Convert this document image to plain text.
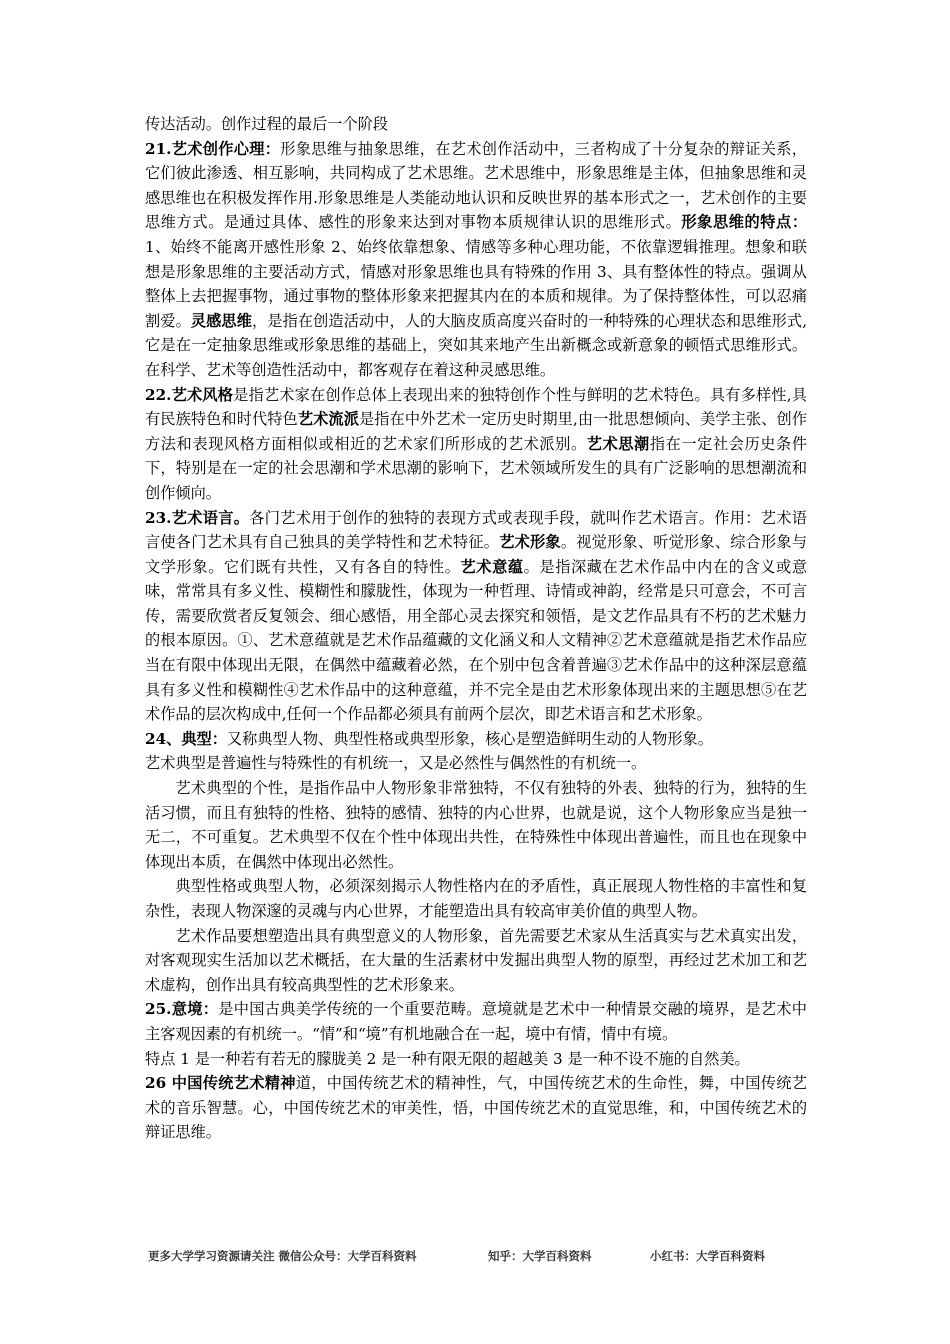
传达活动。创作过程的最后一个阶段

21.艺术创作心理：形象思维与抽象思维，在艺术创作活动中，三者构成了十分复杂的辩证关系，它们彼此渗透、相互影响，共同构成了艺术思维。艺术思维中，形象思维是主体，但抽象思维和灵感思维也在积极发挥作用.形象思维是人类能动地认识和反映世界的基本形式之一，艺术创作的主要思维方式。是通过具体、感性的形象来达到对事物本质规律认识的思维形式。形象思维的特点：1、始终不能离开感性形象 2、始终依靠想象、情感等多种心理功能，不依靠逻辑推理。想象和联想是形象思维的主要活动方式，情感对形象思维也具有特殊的作用 3、具有整体性的特点。强调从整体上去把握事物，通过事物的整体形象来把握其内在的本质和规律。为了保持整体性，可以忍痛割爱。灵感思维，是指在创造活动中，人的大脑皮质高度兴奋时的一种特殊的心理状态和思维形式,它是在一定抽象思维或形象思维的基础上，突如其来地产生出新概念或新意象的顿悟式思维形式。在科学、艺术等创造性活动中，都客观存在着这种灵感思维。

22.艺术风格是指艺术家在创作总体上表现出来的独特创作个性与鲜明的艺术特色。具有多样性,具有民族特色和时代特色艺术流派是指在中外艺术一定历史时期里,由一批思想倾向、美学主张、创作方法和表现风格方面相似或相近的艺术家们所形成的艺术派别。艺术思潮指在一定社会历史条件下，特别是在一定的社会思潮和学术思潮的影响下，艺术领域所发生的具有广泛影响的思想潮流和创作倾向。

23.艺术语言。各门艺术用于创作的独特的表现方式或表现手段，就叫作艺术语言。作用：艺术语言使各门艺术具有自己独具的美学特性和艺术特征。艺术形象。视觉形象、听觉形象、综合形象与文学形象。它们既有共性，又有各自的特性。艺术意蕴。是指深藏在艺术作品中内在的含义或意味，常常具有多义性、模糊性和朦胧性，体现为一种哲理、诗情或神韵，经常是只可意会，不可言传，需要欣赏者反复领会、细心感悟，用全部心灵去探究和领悟，是文艺作品具有不朽的艺术魅力的根本原因。①、艺术意蕴就是艺术作品蕴藏的文化涵义和人文精神②艺术意蕴就是指艺术作品应当在有限中体现出无限，在偶然中蕴藏着必然，在个别中包含着普遍③艺术作品中的这种深层意蕴具有多义性和模糊性④艺术作品中的这种意蕴，并不完全是由艺术形象体现出来的主题思想⑤在艺术作品的层次构成中,任何一个作品都必须具有前两个层次，即艺术语言和艺术形象。

24、典型：又称典型人物、典型性格或典型形象，核心是塑造鲜明生动的人物形象。

艺术典型是普遍性与特殊性的有机统一，又是必然性与偶然性的有机统一。

艺术典型的个性，是指作品中人物形象非常独特，不仅有独特的外表、独特的行为，独特的生活习惯，而且有独特的性格、独特的感情、独特的内心世界，也就是说，这个人物形象应当是独一无二，不可重复。艺术典型不仅在个性中体现出共性，在特殊性中体现出普遍性，而且也在现象中体现出本质，在偶然中体现出必然性。

典型性格或典型人物，必须深刻揭示人物性格内在的矛盾性，真正展现人物性格的丰富性和复杂性，表现人物深邃的灵魂与内心世界，才能塑造出具有较高审美价值的典型人物。

艺术作品要想塑造出具有典型意义的人物形象，首先需要艺术家从生活真实与艺术真实出发，对客观现实生活加以艺术概括，在大量的生活素材中发掘出典型人物的原型，再经过艺术加工和艺术虚构，创作出具有较高典型性的艺术形象来。

25.意境：是中国古典美学传统的一个重要范畴。意境就是艺术中一种情景交融的境界，是艺术中主客观因素的有机统一。“情”和“境”有机地融合在一起，境中有情，情中有境。

特点 1 是一种若有若无的朦胧美 2 是一种有限无限的超越美 3 是一种不设不施的自然美。

26 中国传统艺术精神道，中国传统艺术的精神性，气，中国传统艺术的生命性，舞，中国传统艺术的音乐智慧。心，中国传统艺术的审美性，悟，中国传统艺术的直觉思维，和，中国传统艺术的辩证思维。

更多大学学习资源请关注 微信公众号：大学百科资料	知乎：大学百科资料	小红书：大学百科资料
